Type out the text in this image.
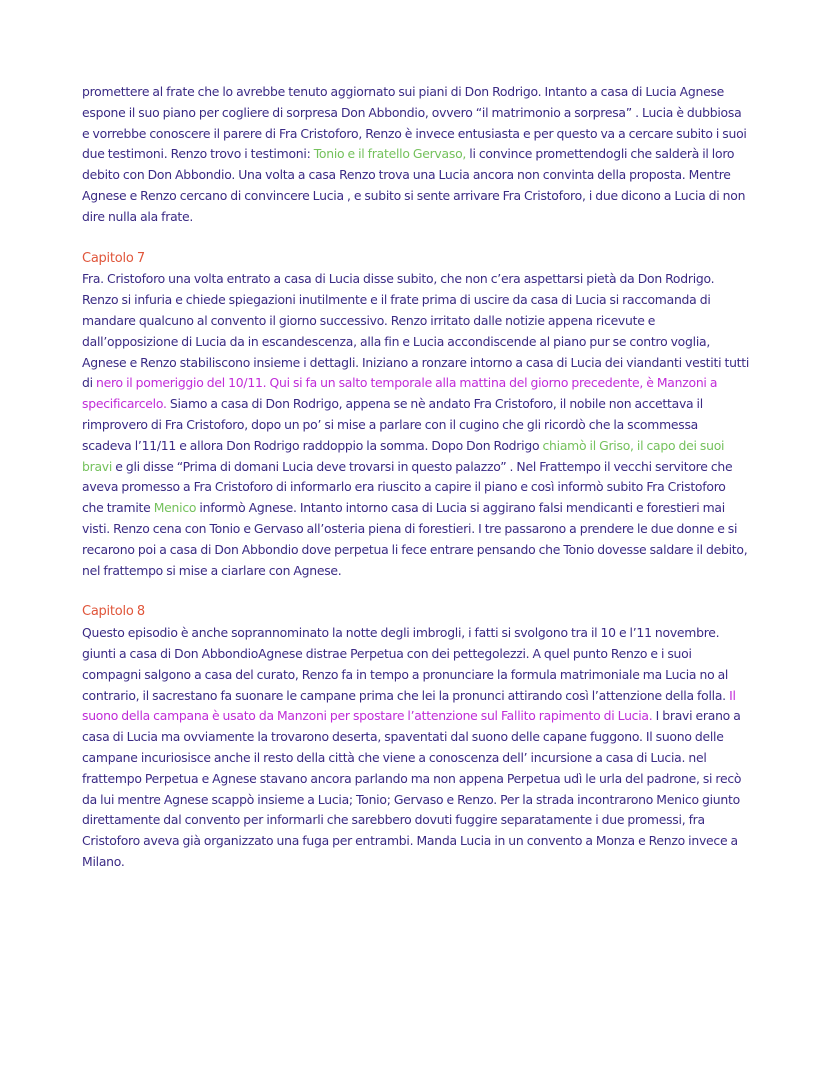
promettere al frate che lo avrebbe tenuto aggiornato sui piani di Don Rodrigo. Intanto a casa di Lucia Agnese espone il suo piano per cogliere di sorpresa Don Abbondio, ovvero “il matrimonio a sorpresa” . Lucia è dubbiosa e vorrebbe conoscere il parere di Fra Cristoforo, Renzo è invece entusiasta e per questo va a cercare subito i suoi due testimoni. Renzo trovo i testimoni: Tonio e il fratello Gervaso, li convince promettendogli che salderà il loro debito con Don Abbondio. Una volta a casa Renzo trova una Lucia ancora non convinta della proposta. Mentre Agnese e Renzo cercano di convincere Lucia , e subito si sente arrivare Fra Cristoforo, i due dicono a Lucia di non dire nulla ala frate.

Capitolo 7

Fra. Cristoforo una volta entrato a casa di Lucia disse subito, che non c’era aspettarsi pietà da Don Rodrigo. Renzo si infuria e chiede spiegazioni inutilmente e il frate prima di uscire da casa di Lucia si raccomanda di mandare qualcuno al convento il giorno successivo. Renzo irritato dalle notizie appena ricevute e dall’opposizione di Lucia da in escandescenza, alla fin e Lucia accondiscende al piano pur se contro voglia, Agnese e Renzo stabiliscono insieme i dettagli. Iniziano a ronzare intorno a casa di Lucia dei viandanti vestiti tutti di nero il pomeriggio del 10/11. Qui si fa un salto temporale alla mattina del giorno precedente, è Manzoni a specificarcelo. Siamo a casa di Don Rodrigo, appena se nè andato Fra Cristoforo, il nobile non accettava il rimprovero di Fra Cristoforo, dopo un po’ si mise a parlare con il cugino che gli ricordò che la scommessa scadeva l’11/11 e allora Don Rodrigo raddoppio la somma. Dopo Don Rodrigo chiamò il Griso, il capo dei suoi bravi e gli disse “Prima di domani Lucia deve trovarsi in questo palazzo” . Nel Frattempo il vecchi servitore che aveva promesso a Fra Cristoforo di informarlo era riuscito a capire il piano e così informò subito Fra Cristoforo che tramite Menico informò Agnese. Intanto intorno casa di Lucia si aggirano falsi mendicanti e forestieri mai visti. Renzo cena con Tonio e Gervaso all’osteria piena di forestieri. I tre passarono a prendere le due donne e si recarono poi a casa di Don Abbondio dove perpetua li fece entrare pensando che Tonio dovesse saldare il debito, nel frattempo si mise a ciarlare con Agnese.

Capitolo 8

Questo episodio è anche soprannominato la notte degli imbrogli, i fatti si svolgono tra il 10 e l’11 novembre. giunti a casa di Don AbbondioAgnese distrae Perpetua con dei pettegolezzi. A quel punto Renzo e i suoi compagni salgono a casa del curato, Renzo fa in tempo a pronunciare la formula matrimoniale ma Lucia no al contrario, il sacrestano fa suonare le campane prima che lei la pronunci attirando così l’attenzione della folla. Il suono della campana è usato da Manzoni per spostare l’attenzione sul Fallito rapimento di Lucia. I bravi erano a casa di Lucia ma ovviamente la trovarono deserta, spaventati dal suono delle capane fuggono. Il suono delle campane incuriosisce anche il resto della città che viene a conoscenza dell’ incursione a casa di Lucia. nel frattempo Perpetua e Agnese stavano ancora parlando ma non appena Perpetua udì le urla del padrone, si recò da lui mentre Agnese scappò insieme a Lucia; Tonio; Gervaso e Renzo. Per la strada incontrarono Menico giunto direttamente dal convento per informarli che sarebbero dovuti fuggire separatamente i due promessi, fra Cristoforo aveva già organizzato una fuga per entrambi. Manda Lucia in un convento a Monza e Renzo invece a Milano.
